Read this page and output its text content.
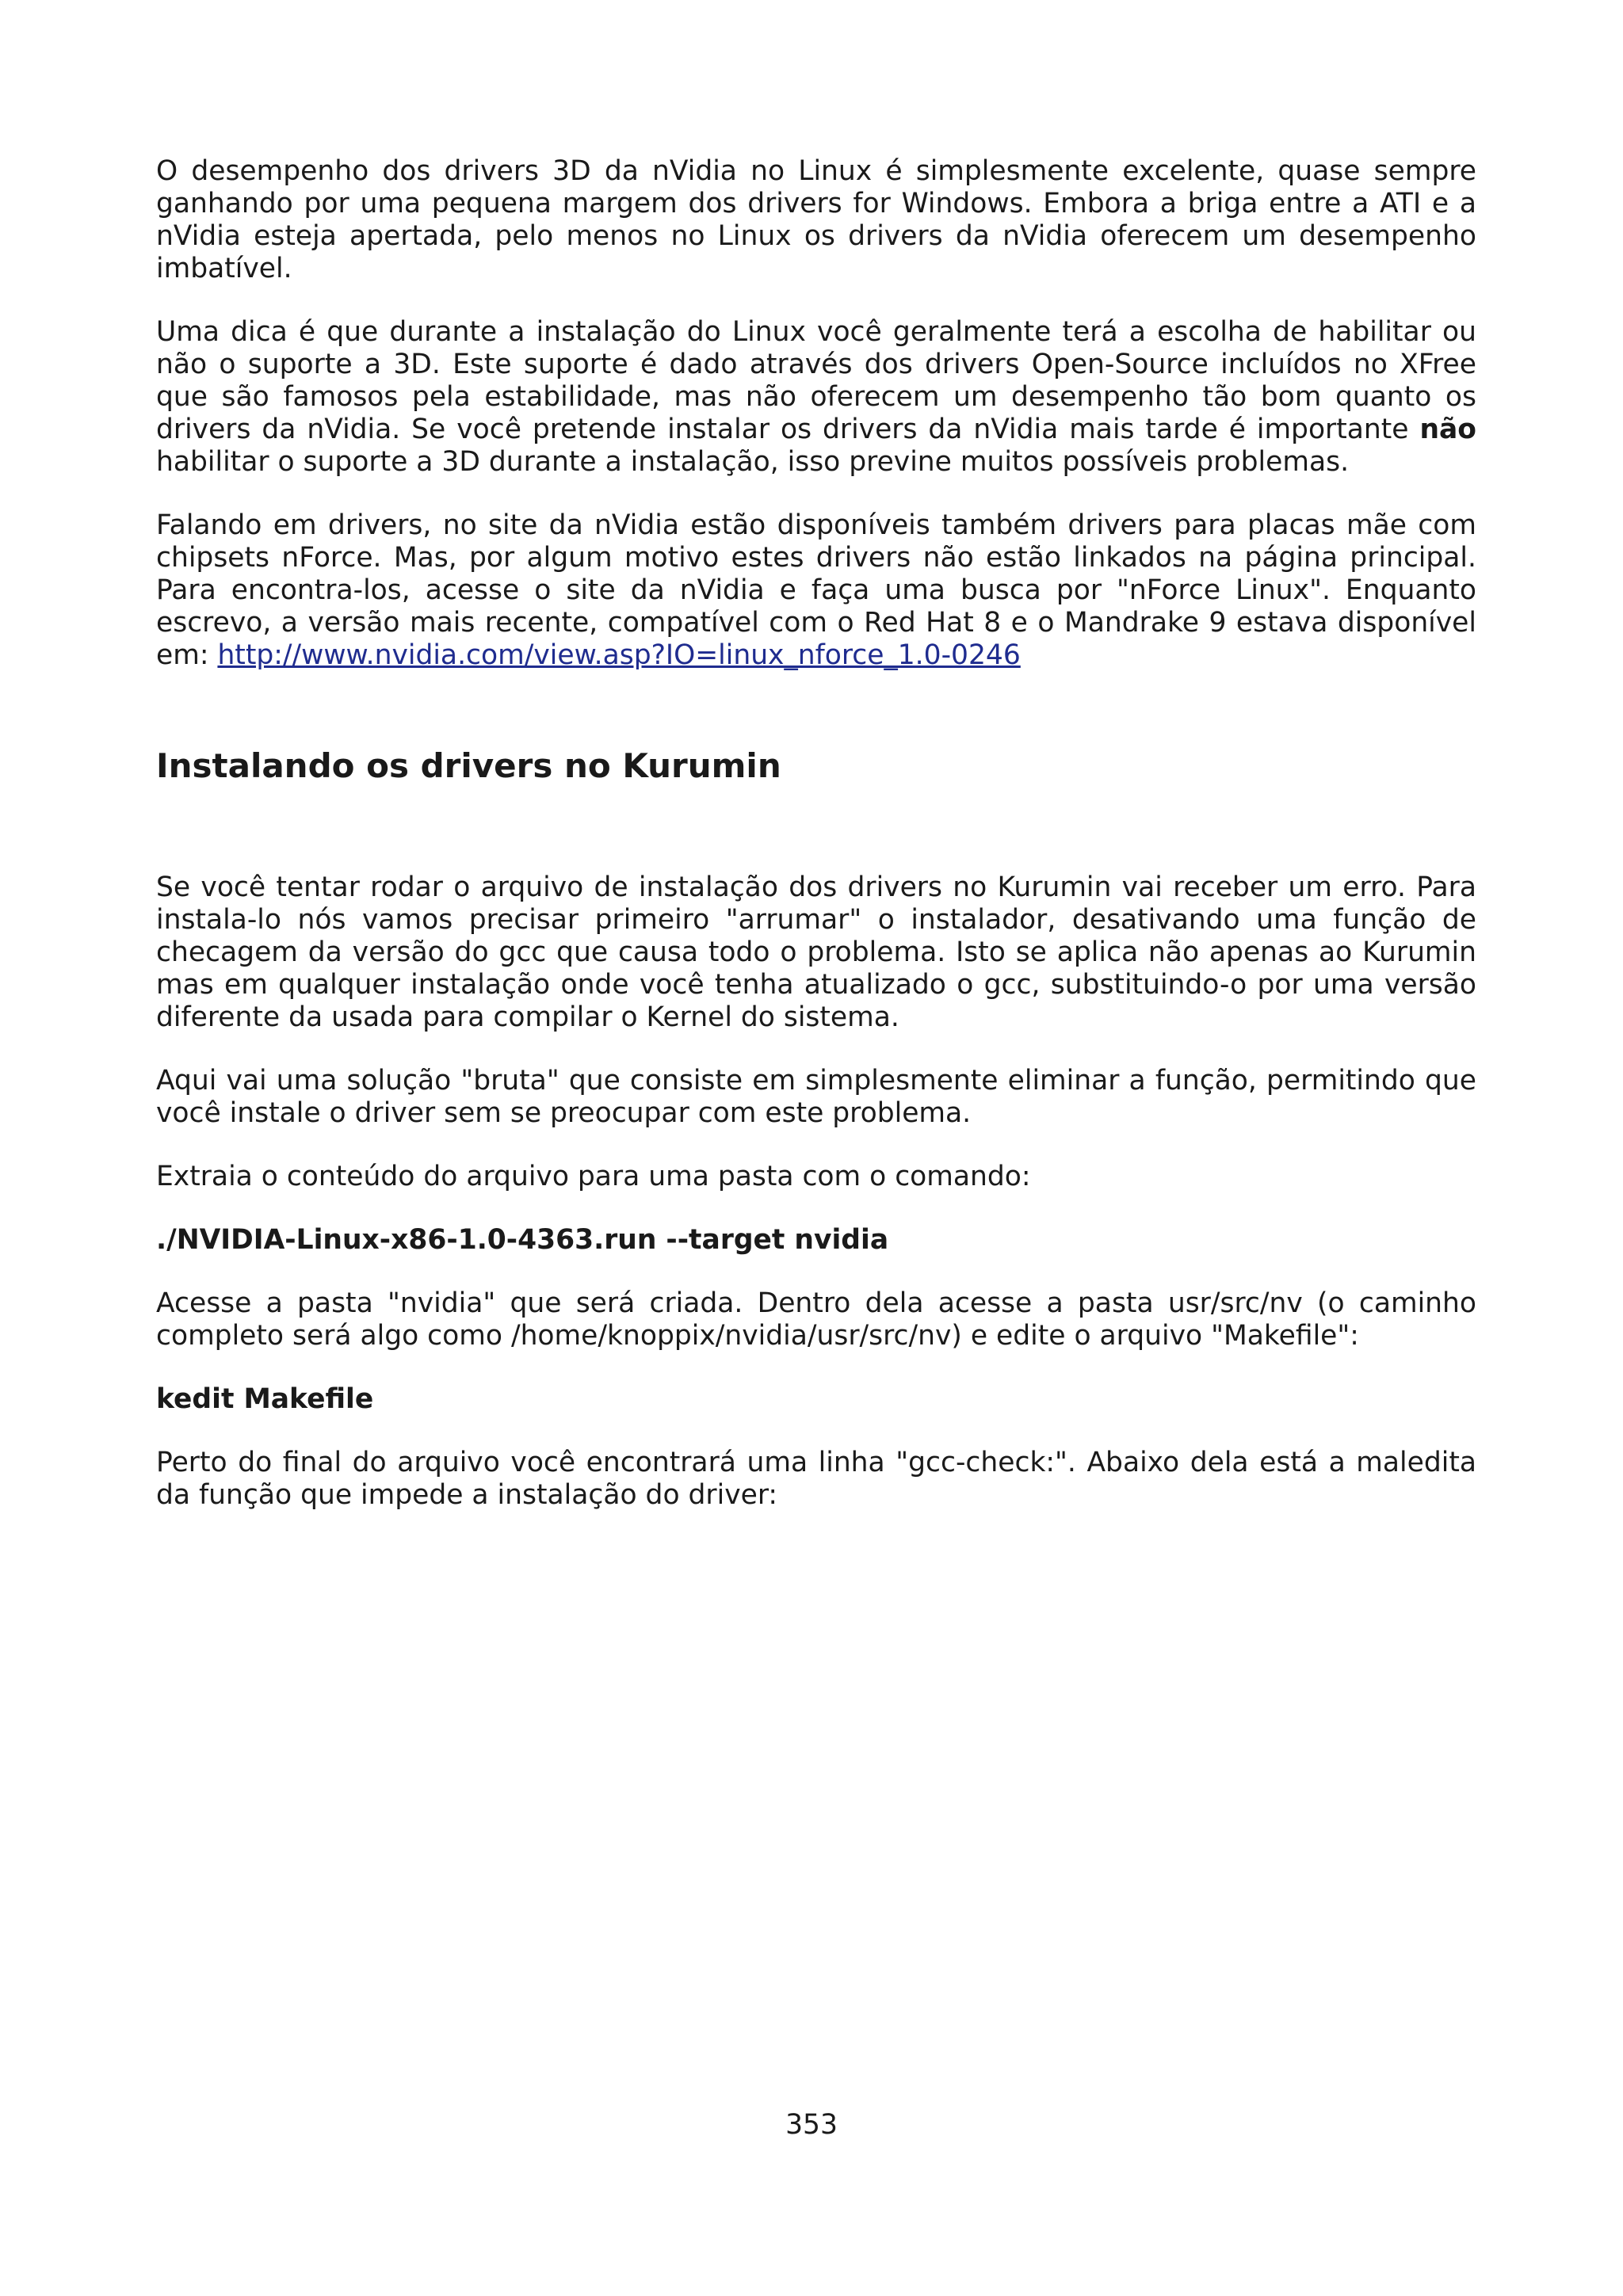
O desempenho dos drivers 3D da nVidia no Linux é simplesmente excelente, quase sempre ganhando por uma pequena margem dos drivers for Windows. Embora a briga entre a ATI e a nVidia esteja apertada, pelo menos no Linux os drivers da nVidia oferecem um desempenho imbatível.

Uma dica é que durante a instalação do Linux você geralmente terá a escolha de habilitar ou não o suporte a 3D. Este suporte é dado através dos drivers Open-Source incluídos no XFree que são famosos pela estabilidade, mas não oferecem um desempenho tão bom quanto os drivers da nVidia. Se você pretende instalar os drivers da nVidia mais tarde é importante não habilitar o suporte a 3D durante a instalação, isso previne muitos possíveis problemas.

Falando em drivers, no site da nVidia estão disponíveis também drivers para placas mãe com chipsets nForce. Mas, por algum motivo estes drivers não estão linkados na página principal. Para encontra-los, acesse o site da nVidia e faça uma busca por "nForce Linux". Enquanto escrevo, a versão mais recente, compatível com o Red Hat 8 e o Mandrake 9 estava disponível em: http://www.nvidia.com/view.asp?IO=linux_nforce_1.0-0246

Instalando os drivers no Kurumin

Se você tentar rodar o arquivo de instalação dos drivers no Kurumin vai receber um erro. Para instala-lo nós vamos precisar primeiro "arrumar" o instalador, desativando uma função de checagem da versão do gcc que causa todo o problema. Isto se aplica não apenas ao Kurumin mas em qualquer instalação onde você tenha atualizado o gcc, substituindo-o por uma versão diferente da usada para compilar o Kernel do sistema.

Aqui vai uma solução "bruta" que consiste em simplesmente eliminar a função, permitindo que você instale o driver sem se preocupar com este problema.

Extraia o conteúdo do arquivo para uma pasta com o comando:

./NVIDIA-Linux-x86-1.0-4363.run --target nvidia

Acesse a pasta "nvidia" que será criada. Dentro dela acesse a pasta usr/src/nv (o caminho completo será algo como /home/knoppix/nvidia/usr/src/nv) e edite o arquivo "Makefile":

kedit Makefile

Perto do final do arquivo você encontrará uma linha "gcc-check:". Abaixo dela está a maledita da função que impede a instalação do driver:

353
